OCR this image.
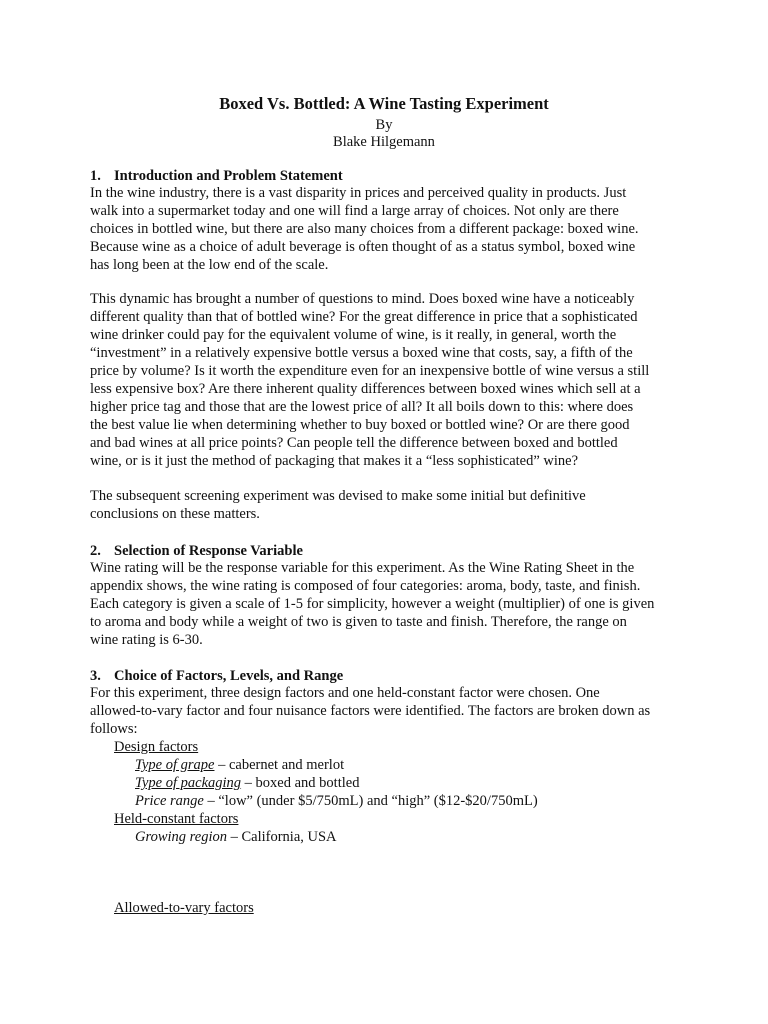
Boxed Vs. Bottled: A Wine Tasting Experiment
By
Blake Hilgemann
1. Introduction and Problem Statement
In the wine industry, there is a vast disparity in prices and perceived quality in products. Just
walk into a supermarket today and one will find a large array of choices. Not only are there
choices in bottled wine, but there are also many choices from a different package: boxed wine.
Because wine as a choice of adult beverage is often thought of as a status symbol, boxed wine
has long been at the low end of the scale.
This dynamic has brought a number of questions to mind. Does boxed wine have a noticeably
different quality than that of bottled wine? For the great difference in price that a sophisticated
wine drinker could pay for the equivalent volume of wine, is it really, in general, worth the
“investment” in a relatively expensive bottle versus a boxed wine that costs, say, a fifth of the
price by volume? Is it worth the expenditure even for an inexpensive bottle of wine versus a still
less expensive box? Are there inherent quality differences between boxed wines which sell at a
higher price tag and those that are the lowest price of all? It all boils down to this: where does
the best value lie when determining whether to buy boxed or bottled wine? Or are there good
and bad wines at all price points? Can people tell the difference between boxed and bottled
wine, or is it just the method of packaging that makes it a “less sophisticated” wine?
The subsequent screening experiment was devised to make some initial but definitive
conclusions on these matters.
2. Selection of Response Variable
Wine rating will be the response variable for this experiment. As the Wine Rating Sheet in the
appendix shows, the wine rating is composed of four categories: aroma, body, taste, and finish.
Each category is given a scale of 1-5 for simplicity, however a weight (multiplier) of one is given
to aroma and body while a weight of two is given to taste and finish. Therefore, the range on
wine rating is 6-30.
3. Choice of Factors, Levels, and Range
For this experiment, three design factors and one held-constant factor were chosen. One
allowed-to-vary factor and four nuisance factors were identified. The factors are broken down as
follows:
Design factors
Type of grape – cabernet and merlot
Type of packaging – boxed and bottled
Price range – “low” (under $5/750mL) and “high” ($12-$20/750mL)
Held-constant factors
Growing region – California, USA
Allowed-to-vary factors
